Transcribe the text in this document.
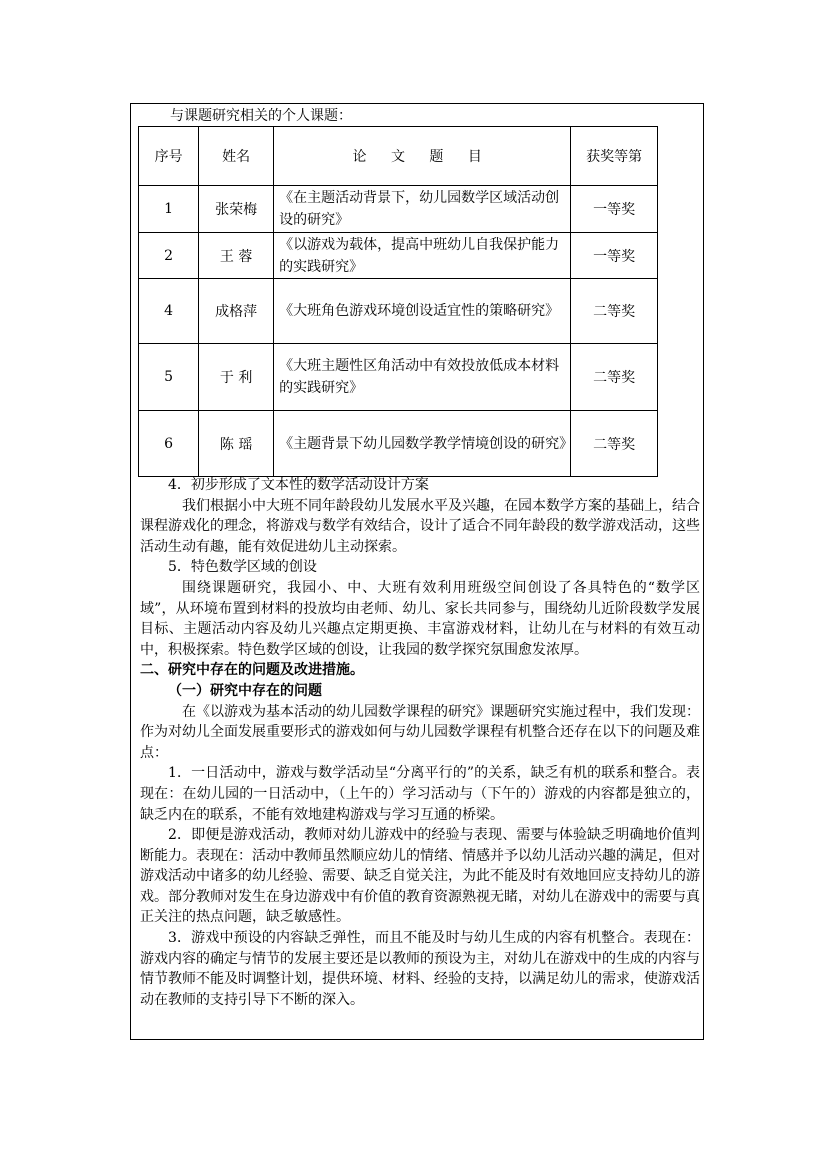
与课题研究相关的个人课题：
序号	姓名	论 文 题 目	获奖等第
1	张荣梅	《在主题活动背景下，幼儿园数学区域活动创设的研究》	一等奖
2	王 蓉	《以游戏为载体，提高中班幼儿自我保护能力的实践研究》	一等奖
4	成格萍	《大班角色游戏环境创设适宜性的策略研究》	二等奖
5	于 利	《大班主题性区角活动中有效投放低成本材料的实践研究》	二等奖
6	陈 瑶	《主题背景下幼儿园数学教学情境创设的研究》	二等奖

4．初步形成了文本性的数学活动设计方案

我们根据小中大班不同年龄段幼儿发展水平及兴趣，在园本数学方案的基础上，结合课程游戏化的理念，将游戏与数学有效结合，设计了适合不同年龄段的数学游戏活动，这些活动生动有趣，能有效促进幼儿主动探索。

5．特色数学区域的创设

围绕课题研究，我园小、中、大班有效利用班级空间创设了各具特色的“数学区域”，从环境布置到材料的投放均由老师、幼儿、家长共同参与，围绕幼儿近阶段数学发展目标、主题活动内容及幼儿兴趣点定期更换、丰富游戏材料，让幼儿在与材料的有效互动中，积极探索。特色数学区域的创设，让我园的数学探究氛围愈发浓厚。

二、研究中存在的问题及改进措施。

（一）研究中存在的问题

在《以游戏为基本活动的幼儿园数学课程的研究》课题研究实施过程中，我们发现：作为对幼儿全面发展重要形式的游戏如何与幼儿园数学课程有机整合还存在以下的问题及难点：

1．一日活动中，游戏与数学活动呈“分离平行的”的关系，缺乏有机的联系和整合。表现在：在幼儿园的一日活动中，（上午的）学习活动与（下午的）游戏的内容都是独立的，缺乏内在的联系，不能有效地建构游戏与学习互通的桥梁。

2．即便是游戏活动，教师对幼儿游戏中的经验与表现、需要与体验缺乏明确地价值判断能力。表现在：活动中教师虽然顺应幼儿的情绪、情感并予以幼儿活动兴趣的满足，但对游戏活动中诸多的幼儿经验、需要、缺乏自觉关注，为此不能及时有效地回应支持幼儿的游戏。部分教师对发生在身边游戏中有价值的教育资源熟视无睹，对幼儿在游戏中的需要与真正关注的热点问题，缺乏敏感性。

3．游戏中预设的内容缺乏弹性，而且不能及时与幼儿生成的内容有机整合。表现在：游戏内容的确定与情节的发展主要还是以教师的预设为主，对幼儿在游戏中的生成的内容与情节教师不能及时调整计划，提供环境、材料、经验的支持，以满足幼儿的需求，使游戏活动在教师的支持引导下不断的深入。
